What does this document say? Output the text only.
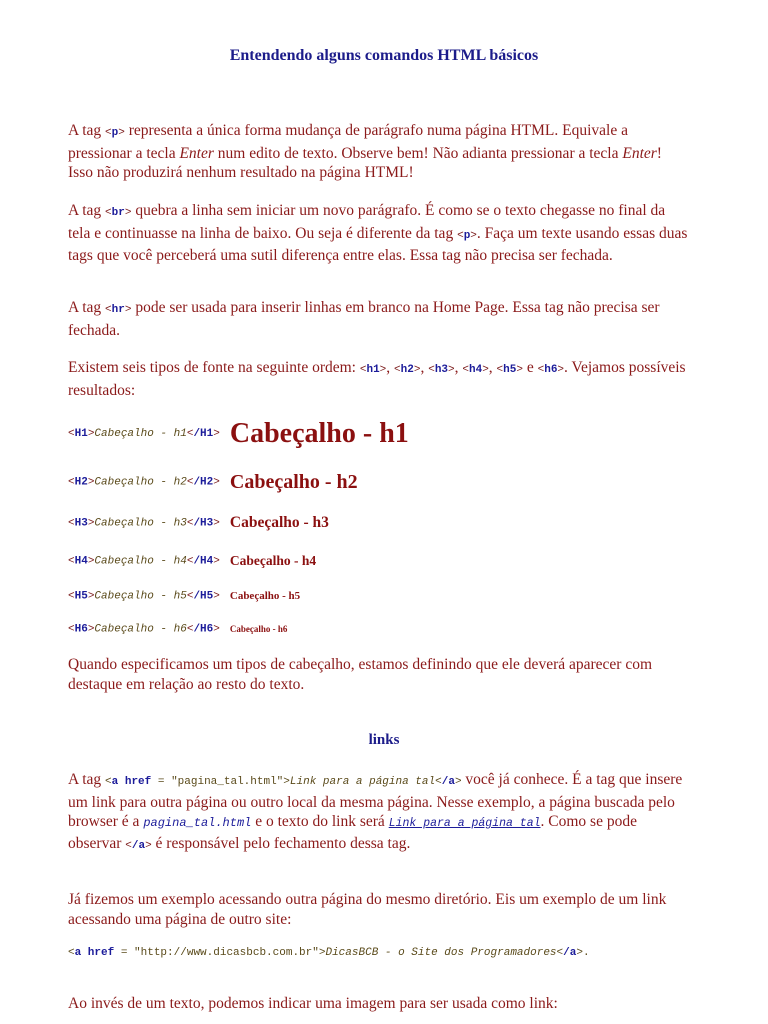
Entendendo alguns comandos HTML básicos

A tag <p> representa a única forma mudança de parágrafo numa página HTML. Equivale a pressionar a tecla Enter num edito de texto. Observe bem! Não adianta pressionar a tecla Enter! Isso não produzirá nenhum resultado na página HTML!

A tag <br> quebra a linha sem iniciar um novo parágrafo. É como se o texto chegasse no final da tela e continuasse na linha de baixo. Ou seja é diferente da tag <p>. Faça um texte usando essas duas tags que você perceberá uma sutil diferença entre elas. Essa tag não precisa ser fechada.

A tag <hr> pode ser usada para inserir linhas em branco na Home Page. Essa tag não precisa ser fechada.

Existem seis tipos de fonte na seguinte ordem: <h1>, <h2>, <h3>, <h4>, <h5> e <h6>. Vejamos possíveis resultados:

<H1>Cabeçalho - h1</H1> Cabeçalho - h1
<H2>Cabeçalho - h2</H2> Cabeçalho - h2
<H3>Cabeçalho - h3</H3> Cabeçalho - h3
<H4>Cabeçalho - h4</H4> Cabeçalho - h4
<H5>Cabeçalho - h5</H5> Cabeçalho - h5
<H6>Cabeçalho - h6</H6> Cabeçalho - h6

Quando especificamos um tipos de cabeçalho, estamos definindo que ele deverá aparecer com destaque em relação ao resto do texto.

links

A tag <a href = "pagina_tal.html">Link para a página tal</a> você já conhece. É a tag que insere um link para outra página ou outro local da mesma página. Nesse exemplo, a página buscada pelo browser é a pagina_tal.html e o texto do link será Link para a página tal. Como se pode observar </a> é responsável pelo fechamento dessa tag.

Já fizemos um exemplo acessando outra página do mesmo diretório. Eis um exemplo de um link acessando uma página de outro site:

<a href = "http://www.dicasbcb.com.br">DicasBCB - o Site dos Programadores</a>.

Ao invés de um texto, podemos indicar uma imagem para ser usada como link:
